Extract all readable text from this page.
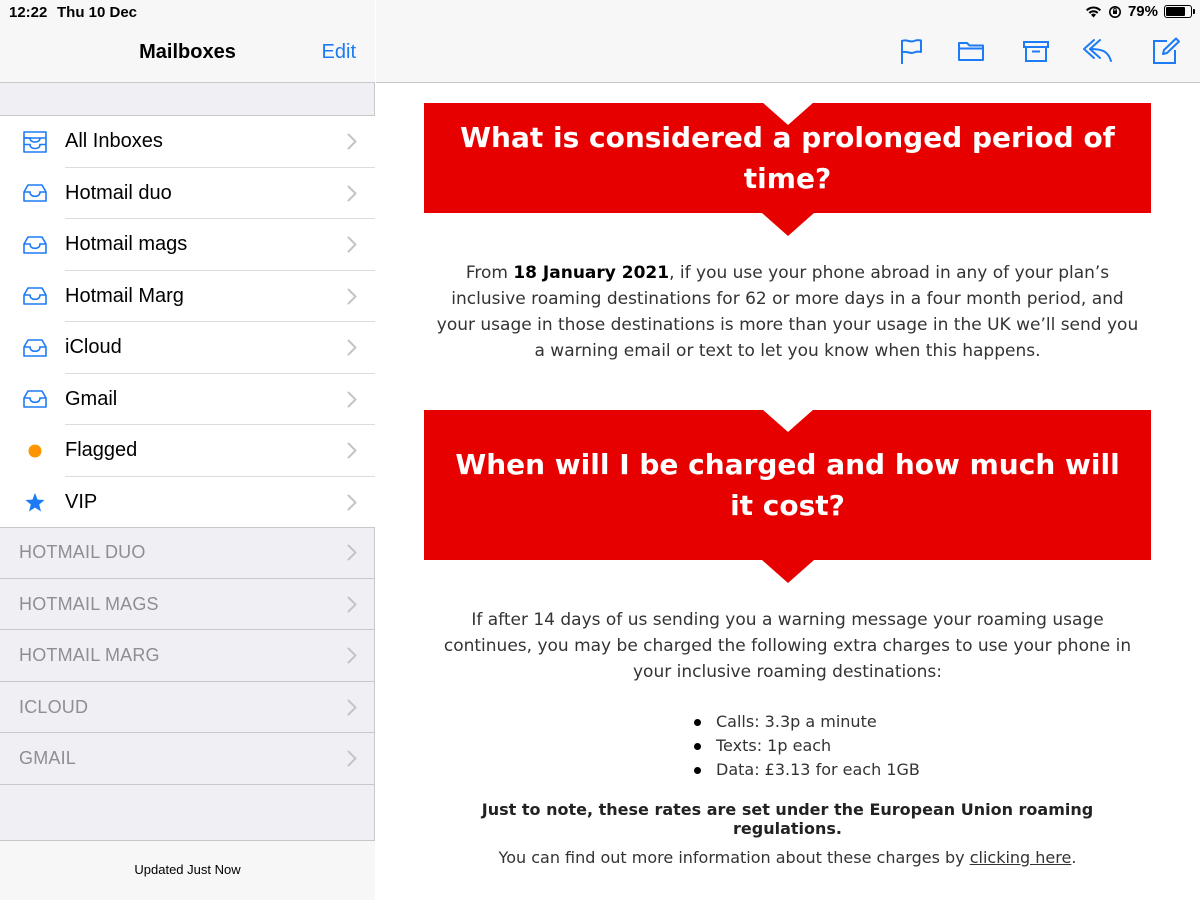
12:22 Thu 10 Dec	79%
Mailboxes	Edit
All Inboxes
Hotmail duo
Hotmail mags
Hotmail Marg
iCloud
Gmail
Flagged
VIP
HOTMAIL DUO
HOTMAIL MAGS
HOTMAIL MARG
ICLOUD
GMAIL
Updated Just Now
What is considered a prolonged period of time?
From 18 January 2021, if you use your phone abroad in any of your plan’s inclusive roaming destinations for 62 or more days in a four month period, and your usage in those destinations is more than your usage in the UK we’ll send you a warning email or text to let you know when this happens.
When will I be charged and how much will it cost?
If after 14 days of us sending you a warning message your roaming usage continues, you may be charged the following extra charges to use your phone in your inclusive roaming destinations:
Calls: 3.3p a minute
Texts: 1p each
Data: £3.13 for each 1GB
Just to note, these rates are set under the European Union roaming regulations.
You can find out more information about these charges by clicking here.
